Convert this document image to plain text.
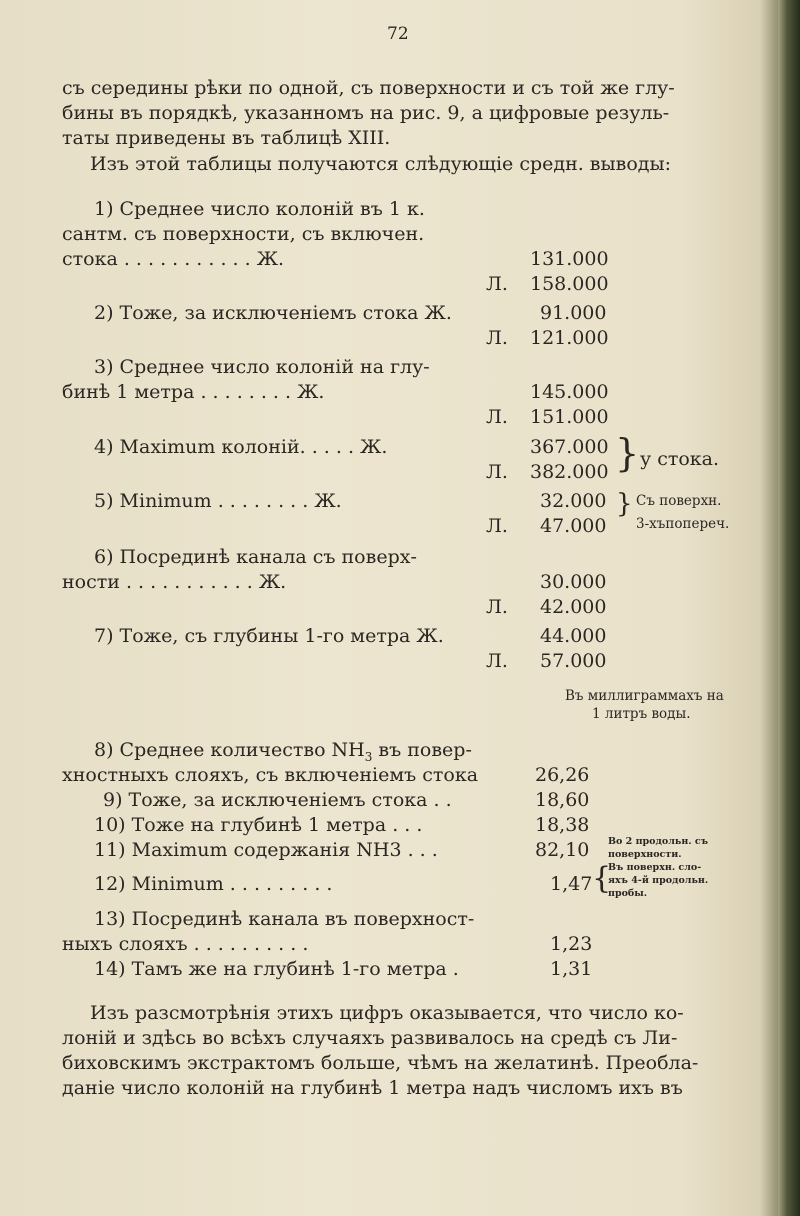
72
съ середины рѣки по одной, съ поверхности и съ той же глу-
бины въ порядкѣ, указанномъ на рис. 9, а цифровые резуль-
таты приведены въ таблицѣ XIII.
Изъ этой таблицы получаются слѣдующіе средн. выводы:
1) Среднее число колоній въ 1 к.
сантм. съ поверхности, съ включен.
стока . . . . . . . . . . . Ж.	131.000
Л. 158.000
2) Тоже, за исключеніемъ стока Ж.	91.000
Л. 121.000
3) Среднее число колоній на глу-
бинѣ 1 метра . . . . . . . . Ж.	145.000
Л. 151.000
4) Maximum колоній. . . . . Ж.	367.000
Л. 382.000 } у стока.
5) Minimum . . . . . . . . Ж.	32.000
Л. 47.000
} Съ поверхн.
3-хъпопереч.
6) Посрединѣ канала съ поверх-
ности . . . . . . . . . . . Ж.	30.000
Л. 42.000
7) Тоже, съ глубины 1-го метра Ж.	44.000
Л. 57.000
Въ миллиграммахъ на
1 литръ воды.
8) Среднее количество $NH_3$ въ повер-
хностныхъ слояхъ, съ включеніемъ стока	26,26
9) Тоже, за исключеніемъ стока . .	18,60
10) Тоже на глубинѣ 1 метра . . .	18,38
11) Maximum содержанія NH3 . . .	82,10 Во 2 продольн. съ
поверхности.
12) Minimum . . . . . . . . .	1,47 }
Въ поверхн. сло-
яхъ 4-й продольн.
пробы.
13) Посрединѣ канала въ поверхност-
ныхъ слояхъ . . . . . . . . . .	1,23
14) Тамъ же на глубинѣ 1-го метра .	1,31
Изъ разсмотрѣнія этихъ цифръ оказывается, что число ко-
лоній и здѣсь во всѣхъ случаяхъ развивалось на средѣ съ Ли-
биховскимъ экстрактомъ больше, чѣмъ на желатинѣ. Преобла-
даніе число колоній на глубинѣ 1 метра надъ числомъ ихъ въ
